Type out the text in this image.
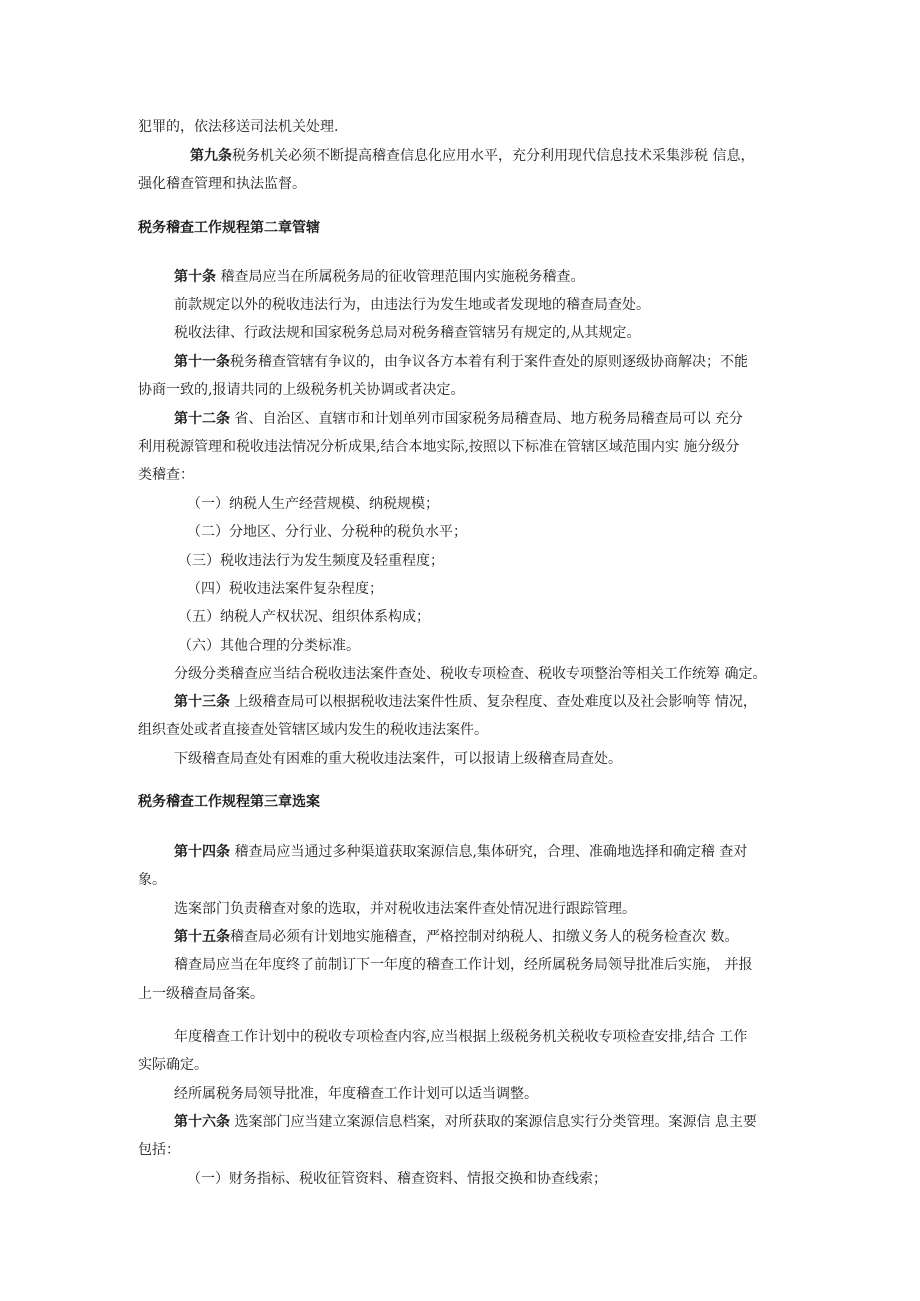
犯罪的，依法移送司法机关处理.
第九条税务机关必须不断提高稽查信息化应用水平，充分利用现代信息技术采集涉税 信息，
强化稽查管理和执法监督。
税务稽查工作规程第二章管辖
第十条 稽查局应当在所属税务局的征收管理范围内实施税务稽查。
前款规定以外的税收违法行为，由违法行为发生地或者发现地的稽查局查处。
税收法律、行政法规和国家税务总局对税务稽查管辖另有规定的,从其规定。
第十一条税务稽查管辖有争议的，由争议各方本着有利于案件查处的原则逐级协商解决；不能
协商一致的,报请共同的上级税务机关协调或者决定。
第十二条 省、自治区、直辖市和计划单列市国家税务局稽查局、地方税务局稽查局可以 充分
利用税源管理和税收违法情况分析成果,结合本地实际,按照以下标准在管辖区域范围内实 施分级分
类稽查：
（一）纳税人生产经营规模、纳税规模；
（二）分地区、分行业、分税种的税负水平；
（三）税收违法行为发生频度及轻重程度；
（四）税收违法案件复杂程度；
（五）纳税人产权状况、组织体系构成；
（六）其他合理的分类标准。
分级分类稽查应当结合税收违法案件查处、税收专项检查、税收专项整治等相关工作统筹 确定。
第十三条 上级稽查局可以根据税收违法案件性质、复杂程度、查处难度以及社会影响等 情况，
组织查处或者直接查处管辖区域内发生的税收违法案件。
下级稽查局查处有困难的重大税收违法案件，可以报请上级稽查局查处。
税务稽查工作规程第三章选案
第十四条 稽查局应当通过多种渠道获取案源信息,集体研究，合理、准确地选择和确定稽 查对
象。
选案部门负责稽查对象的选取，并对税收违法案件查处情况进行跟踪管理。
第十五条稽查局必须有计划地实施稽查，严格控制对纳税人、扣缴义务人的税务检查次 数。
稽查局应当在年度终了前制订下一年度的稽查工作计划，经所属税务局领导批准后实施， 并报
上一级稽查局备案。
年度稽查工作计划中的税收专项检查内容,应当根据上级税务机关税收专项检查安排,结合 工作
实际确定。
经所属税务局领导批准，年度稽查工作计划可以适当调整。
第十六条 选案部门应当建立案源信息档案，对所获取的案源信息实行分类管理。案源信 息主要
包括：
（一）财务指标、税收征管资料、稽查资料、情报交换和协查线索；
